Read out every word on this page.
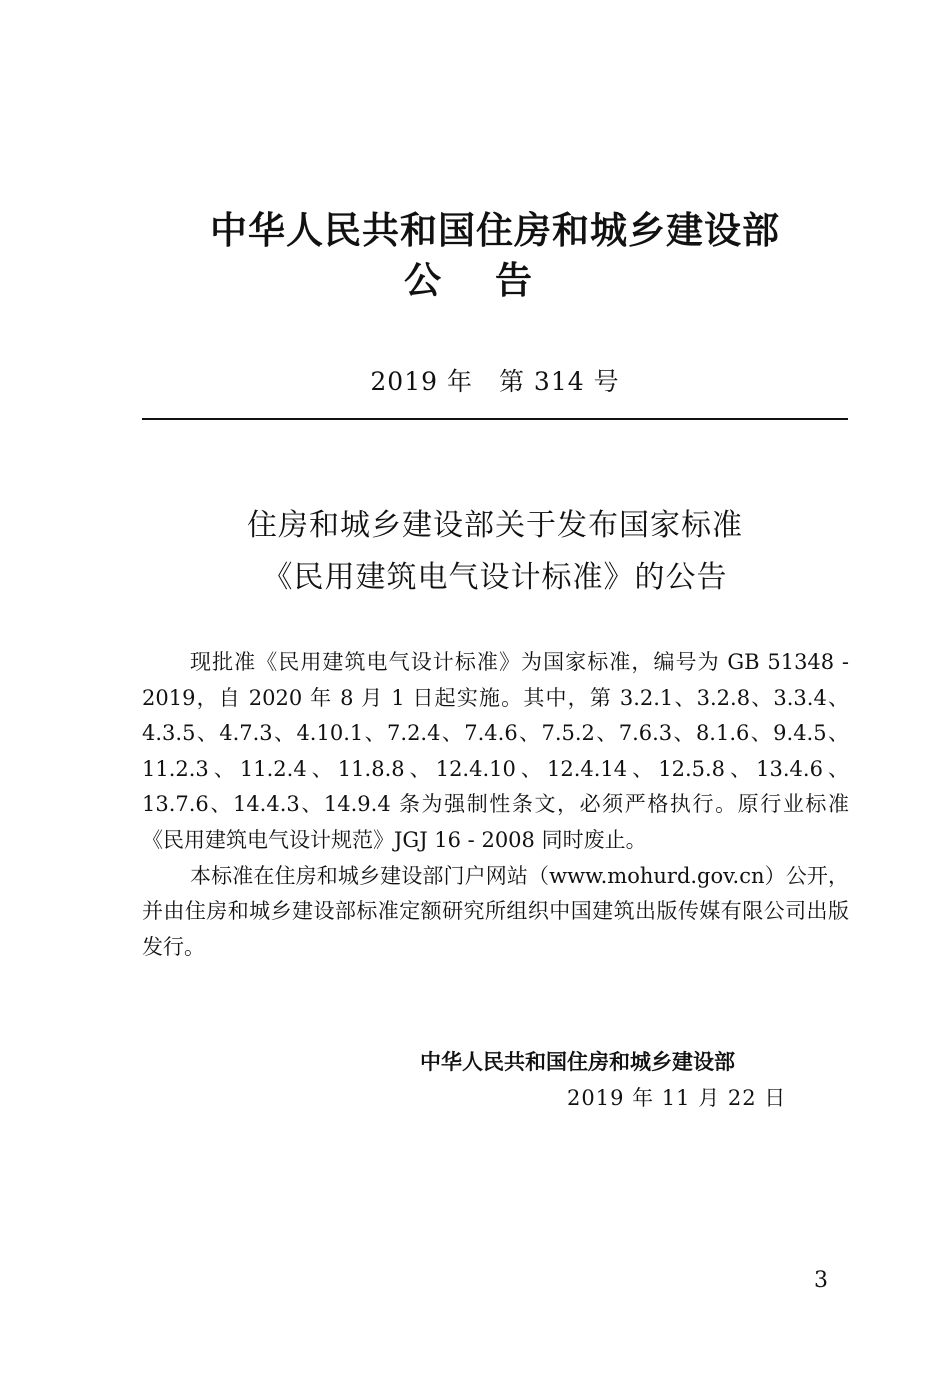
中华人民共和国住房和城乡建设部
公告
2019 年　第 314 号
住房和城乡建设部关于发布国家标准
《民用建筑电气设计标准》的公告

现批准《民用建筑电气设计标准》为国家标准，编号为 GB 51348 - 2019，自 2020 年 8 月 1 日起实施。其中，第 3.2.1、3.2.8、3.3.4、4.3.5、4.7.3、4.10.1、7.2.4、7.4.6、7.5.2、7.6.3、8.1.6、9.4.5、11.2.3、11.2.4、11.8.8、12.4.10、12.4.14、12.5.8、13.4.6、13.7.6、14.4.3、14.9.4 条为强制性条文，必须严格执行。原行业标准《民用建筑电气设计规范》JGJ 16 - 2008 同时废止。

本标准在住房和城乡建设部门户网站（www.mohurd.gov.cn）公开，并由住房和城乡建设部标准定额研究所组织中国建筑出版传媒有限公司出版发行。

中华人民共和国住房和城乡建设部
2019 年 11 月 22 日
3
